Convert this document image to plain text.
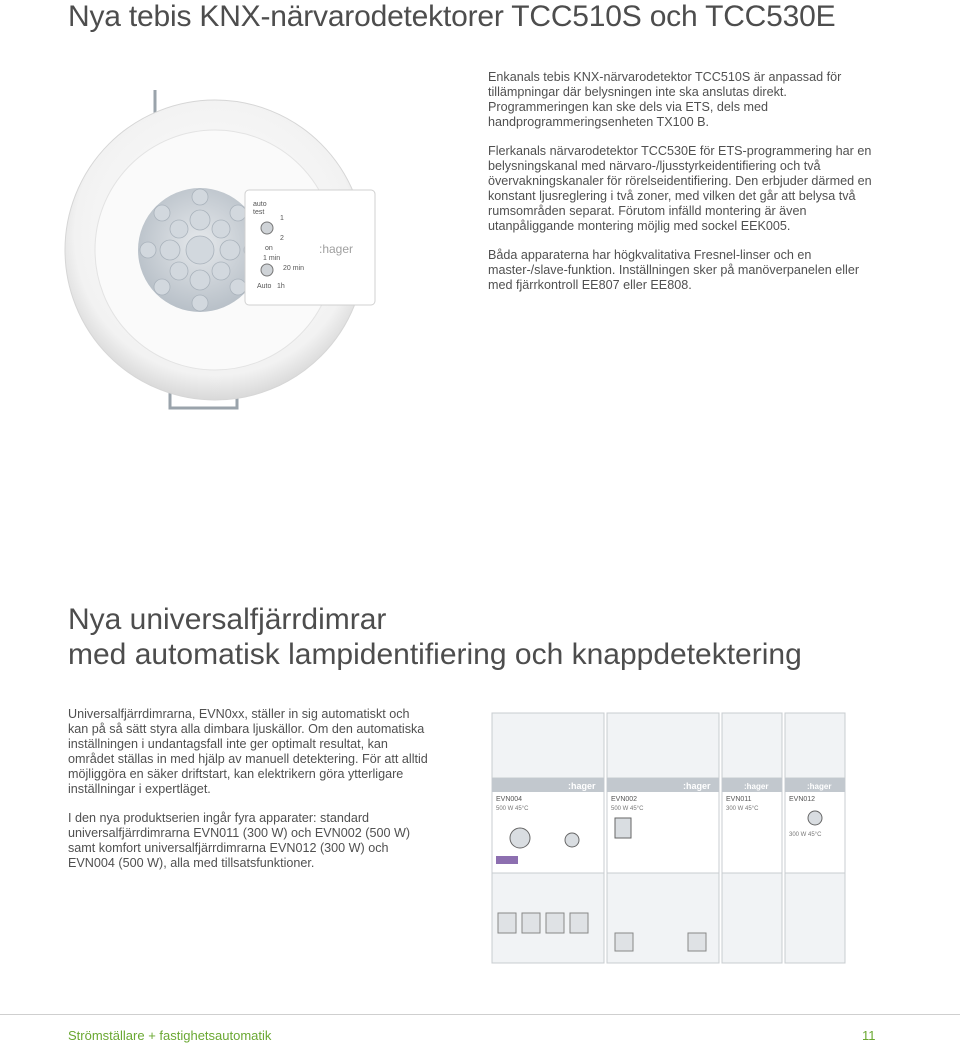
Nya tebis KNX-närvarodetektorer TCC510S och TCC530E

Enkanals tebis KNX-närvarodetektor TCC510S är anpassad för tillämpningar där belysningen inte ska anslutas direkt. Programmeringen kan ske dels via ETS, dels med handprogrammeringsenheten TX100 B.

Flerkanals närvarodetektor TCC530E för ETS-programmering har en belysningskanal med närvaro-/ljusstyrkeidentifiering och två övervakningskanaler för rörelseidentifiering. Den erbjuder därmed en konstant ljusreglering i två zoner, med vilken det går att belysa två rumsområden separat. Förutom infälld montering är även utanpåliggande montering möjlig med sockel EEK005.

Båda apparaterna har högkvalitativa Fresnel-linser och en master-/slave-funktion. Inställningen sker på manöverpanelen eller med fjärrkontroll EE807 eller EE808.

auto
test
1
2
on
1 min
20 min
Auto 1h
:hager
Nya universalfjärrdimrar
med automatisk lampidentifiering och knappdetektering

Universalfjärrdimrarna, EVN0xx, ställer in sig automatiskt och kan på så sätt styra alla dimbara ljuskällor. Om den automatiska inställningen i undantagsfall inte ger optimalt resultat, kan området ställas in med hjälp av manuell detektering. För att alltid möjliggöra en säker driftstart, kan elektrikern göra ytterligare inställningar i expertläget.

I den nya produktserien ingår fyra apparater: standard universalfjärrdimrarna EVN011 (300 W) och EVN002 (500 W) samt komfort universalfjärrdimrarna EVN012 (300 W) och EVN004 (500 W), alla med tillsatsfunktioner.

:hager
EVN004
500 W 45°C
:hager
EVN002
500 W 45°C
:hager
EVN011
300 W 45°C
:hager
EVN012
300 W 45°C
Strömställare + fastighetsautomatik	11
